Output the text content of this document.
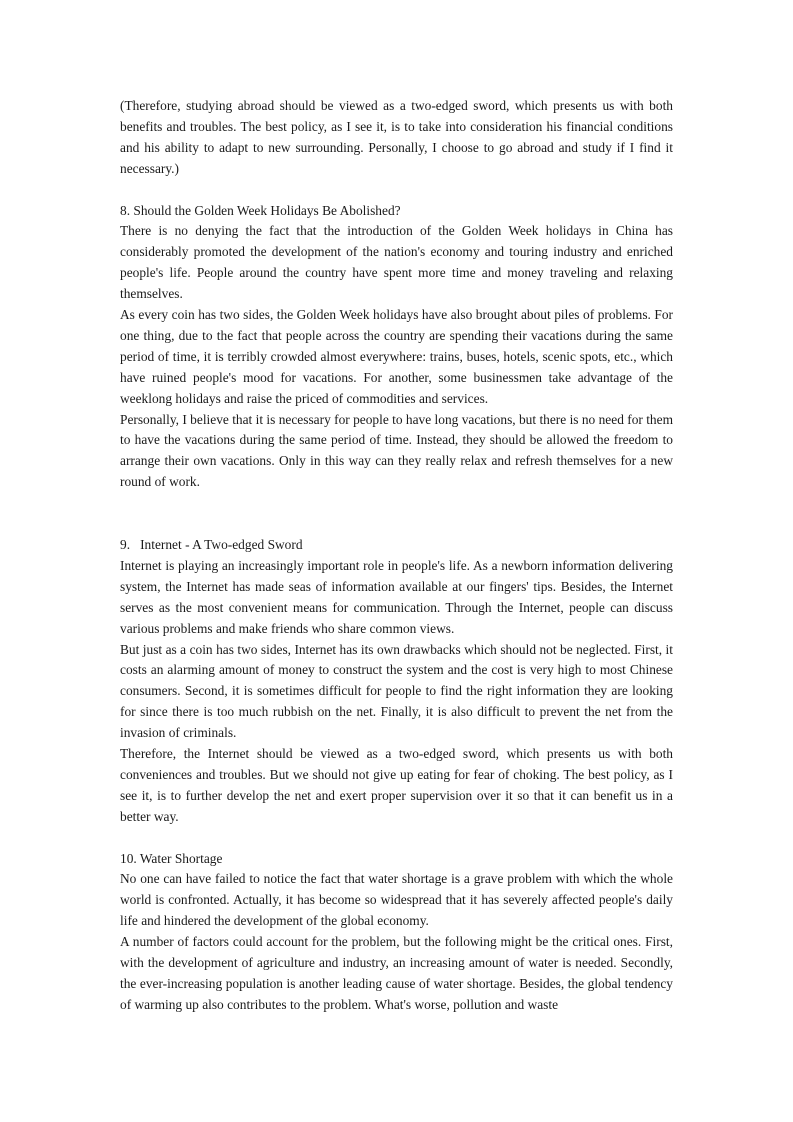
(Therefore, studying abroad should be viewed as a two-edged sword, which presents us with both benefits and troubles. The best policy, as I see it, is to take into consideration his financial conditions and his ability to adapt to new surrounding. Personally, I choose to go abroad and study if I find it necessary.)

8. Should the Golden Week Holidays Be Abolished?

There is no denying the fact that the introduction of the Golden Week holidays in China has considerably promoted the development of the nation's economy and touring industry and enriched people's life. People around the country have spent more time and money traveling and relaxing themselves.

As every coin has two sides, the Golden Week holidays have also brought about piles of problems. For one thing, due to the fact that people across the country are spending their vacations during the same period of time, it is terribly crowded almost everywhere: trains, buses, hotels, scenic spots, etc., which have ruined people's mood for vacations. For another, some businessmen take advantage of the weeklong holidays and raise the priced of commodities and services.

Personally, I believe that it is necessary for people to have long vacations, but there is no need for them to have the vacations during the same period of time. Instead, they should be allowed the freedom to arrange their own vacations. Only in this way can they really relax and refresh themselves for a new round of work.

9.   Internet - A Two-edged Sword

Internet is playing an increasingly important role in people's life. As a newborn information delivering system, the Internet has made seas of information available at our fingers' tips. Besides, the Internet serves as the most convenient means for communication. Through the Internet, people can discuss various problems and make friends who share common views.

But just as a coin has two sides, Internet has its own drawbacks which should not be neglected. First, it costs an alarming amount of money to construct the system and the cost is very high to most Chinese consumers. Second, it is sometimes difficult for people to find the right information they are looking for since there is too much rubbish on the net. Finally, it is also difficult to prevent the net from the invasion of criminals.

Therefore, the Internet should be viewed as a two-edged sword, which presents us with both conveniences and troubles. But we should not give up eating for fear of choking. The best policy, as I see it, is to further develop the net and exert proper supervision over it so that it can benefit us in a better way.

10. Water Shortage

No one can have failed to notice the fact that water shortage is a grave problem with which the whole world is confronted. Actually, it has become so widespread that it has severely affected people's daily life and hindered the development of the global economy.

A number of factors could account for the problem, but the following might be the critical ones. First, with the development of agriculture and industry, an increasing amount of water is needed. Secondly, the ever-increasing population is another leading cause of water shortage. Besides, the global tendency of warming up also contributes to the problem. What's worse, pollution and waste
